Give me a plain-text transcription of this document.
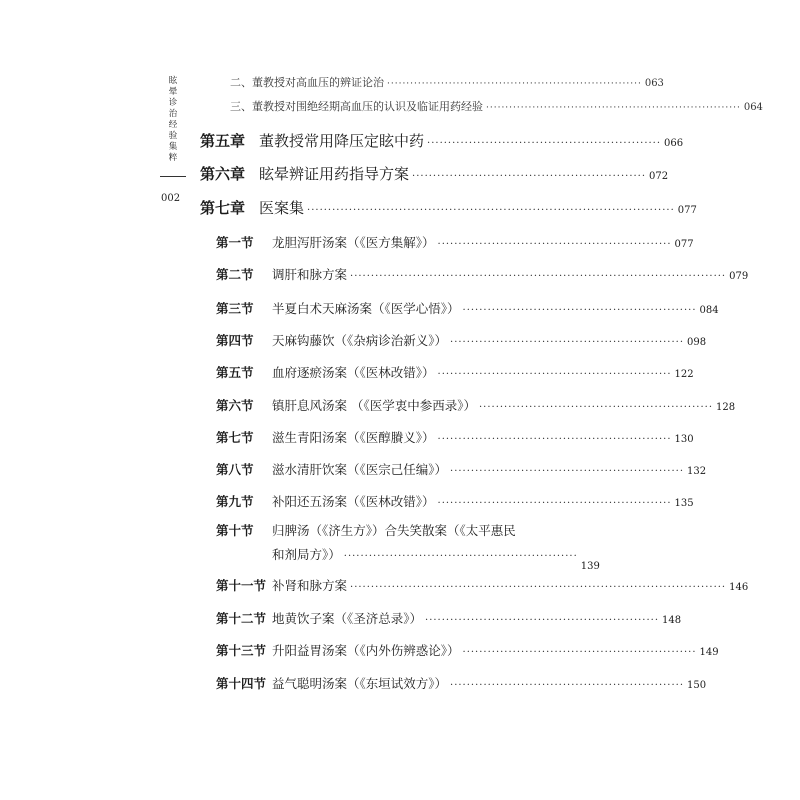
眩晕诊治经验集粹
002
二、董教授对高血压的辨证论治 ·································································· 063
三、董教授对围绝经期高血压的认识及临证用药经验 ·································································· 064
第五章 董教授常用降压定眩中药 ························································ 066
第六章 眩晕辨证用药指导方案 ························································ 072
第七章 医案集 ························································································ 077
第一节	龙胆泻肝汤案（《医方集解》） ························································ 077
第二节	调肝和脉方案 ·························································································· 079
第三节	半夏白术天麻汤案（《医学心悟》） ························································ 084
第四节	天麻钩藤饮（《杂病诊治新义》） ························································ 098
第五节	血府逐瘀汤案（《医林改错》） ························································ 122
第六节	镇肝息风汤案 （《医学衷中参西录》） ························································ 128
第七节	滋生青阳汤案（《医醇賸义》） ························································ 130
第八节	滋水清肝饮案（《医宗己任编》） ························································ 132
第九节	补阳还五汤案（《医林改错》） ························································ 135
第十节 归脾汤（《济生方》）合失笑散案（《太平惠民
和剂局方》） ························································
139
第十一节 补肾和脉方案 ·························································································· 146
第十二节 地黄饮子案（《圣济总录》） ························································ 148
第十三节 升阳益胃汤案（《内外伤辨惑论》） ························································ 149
第十四节 益气聪明汤案（《东垣试效方》） ························································ 150
